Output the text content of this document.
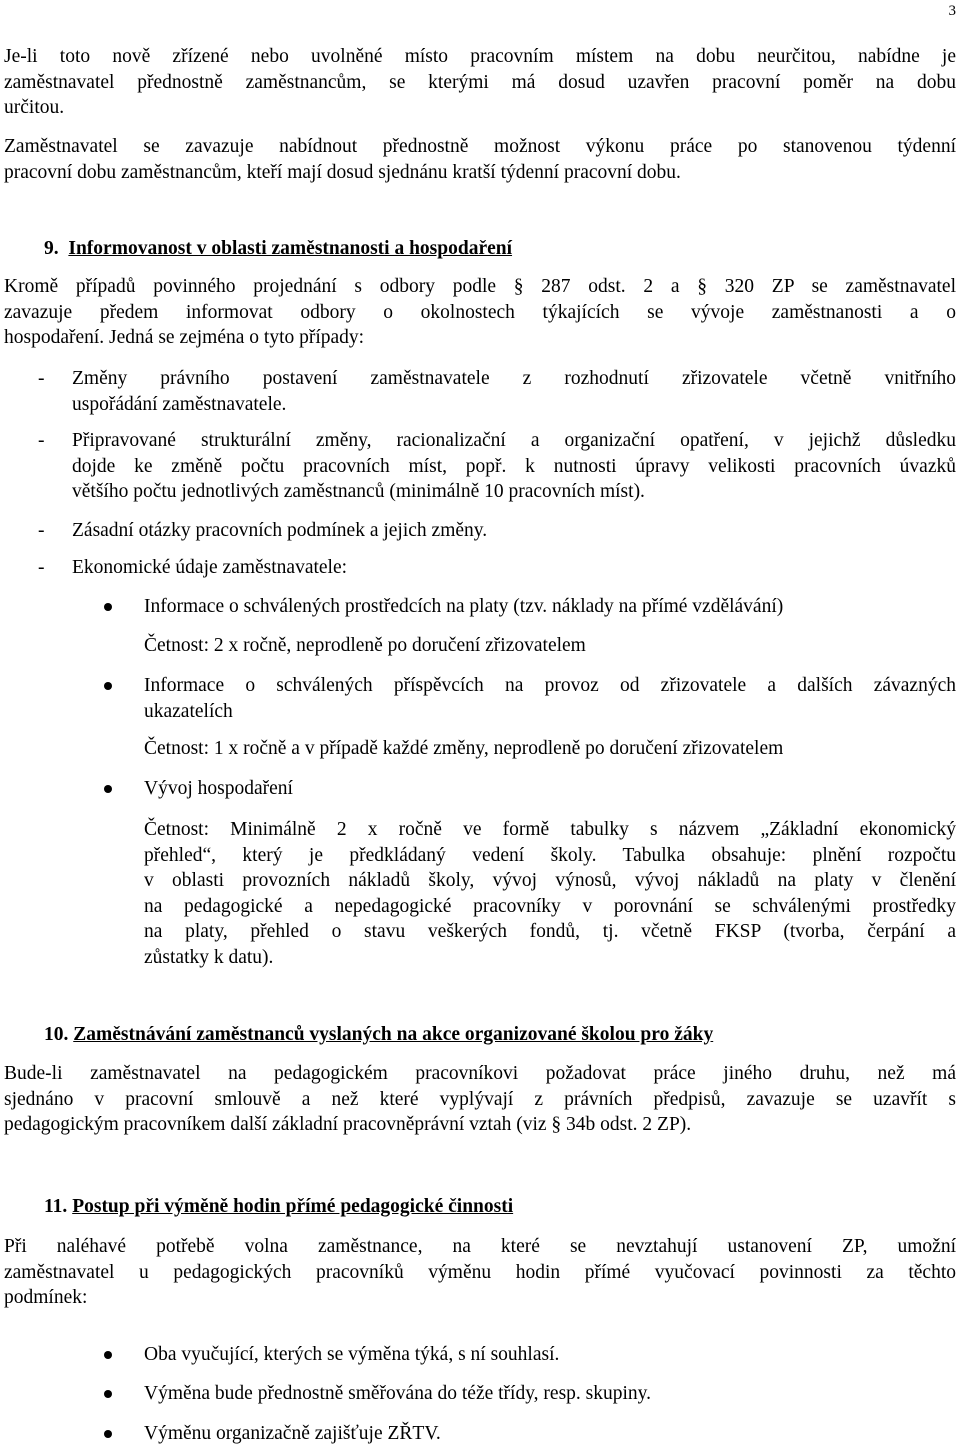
3
Je-li toto nově zřízené nebo uvolněné místo pracovním místem na dobu neurčitou, nabídne je
zaměstnavatel přednostně zaměstnancům, se kterými má dosud uzavřen pracovní poměr na dobu
určitou.
Zaměstnavatel se zavazuje nabídnout přednostně možnost výkonu práce po stanovenou týdenní
pracovní dobu zaměstnancům, kteří mají dosud sjednánu kratší týdenní pracovní dobu.
9. Informovanost v oblasti zaměstnanosti a hospodaření
Kromě případů povinného projednání s odbory podle § 287 odst. 2 a § 320 ZP se zaměstnavatel
zavazuje předem informovat odbory o okolnostech týkajících se vývoje zaměstnanosti a o
hospodaření. Jedná se zejména o tyto případy:
- Změny právního postavení zaměstnavatele z rozhodnutí zřizovatele včetně vnitřního
uspořádání zaměstnavatele.
- Připravované strukturální změny, racionalizační a organizační opatření, v jejichž důsledku
dojde ke změně počtu pracovních míst, popř. k nutnosti úpravy velikosti pracovních úvazků
většího počtu jednotlivých zaměstnanců (minimálně 10 pracovních míst).
- Zásadní otázky pracovních podmínek a jejich změny.
- Ekonomické údaje zaměstnavatele:
Informace o schválených prostředcích na platy (tzv. náklady na přímé vzdělávání)
Četnost: 2 x ročně, neprodleně po doručení zřizovatelem
Informace o schválených příspěvcích na provoz od zřizovatele a dalších závazných
ukazatelích
Četnost: 1 x ročně a v případě každé změny, neprodleně po doručení zřizovatelem
Vývoj hospodaření
Četnost: Minimálně 2 x ročně ve formě tabulky s názvem „Základní ekonomický
přehled“, který je předkládaný vedení školy. Tabulka obsahuje: plnění rozpočtu
v oblasti provozních nákladů školy, vývoj výnosů, vývoj nákladů na platy v členění
na pedagogické a nepedagogické pracovníky v porovnání se schválenými prostředky
na platy, přehled o stavu veškerých fondů, tj. včetně FKSP (tvorba, čerpání a
zůstatky k datu).
10. Zaměstnávání zaměstnanců vyslaných na akce organizované školou pro žáky
Bude-li zaměstnavatel na pedagogickém pracovníkovi požadovat práce jiného druhu, než má
sjednáno v pracovní smlouvě a než které vyplývají z právních předpisů, zavazuje se uzavřít s
pedagogickým pracovníkem další základní pracovněprávní vztah (viz § 34b odst. 2 ZP).
11. Postup při výměně hodin přímé pedagogické činnosti
Při naléhavé potřebě volna zaměstnance, na které se nevztahují ustanovení ZP, umožní
zaměstnavatel u pedagogických pracovníků výměnu hodin přímé vyučovací povinnosti za těchto
podmínek:
Oba vyučující, kterých se výměna týká, s ní souhlasí.
Výměna bude přednostně směřována do téže třídy, resp. skupiny.
Výměnu organizačně zajišťuje ZŘTV.
